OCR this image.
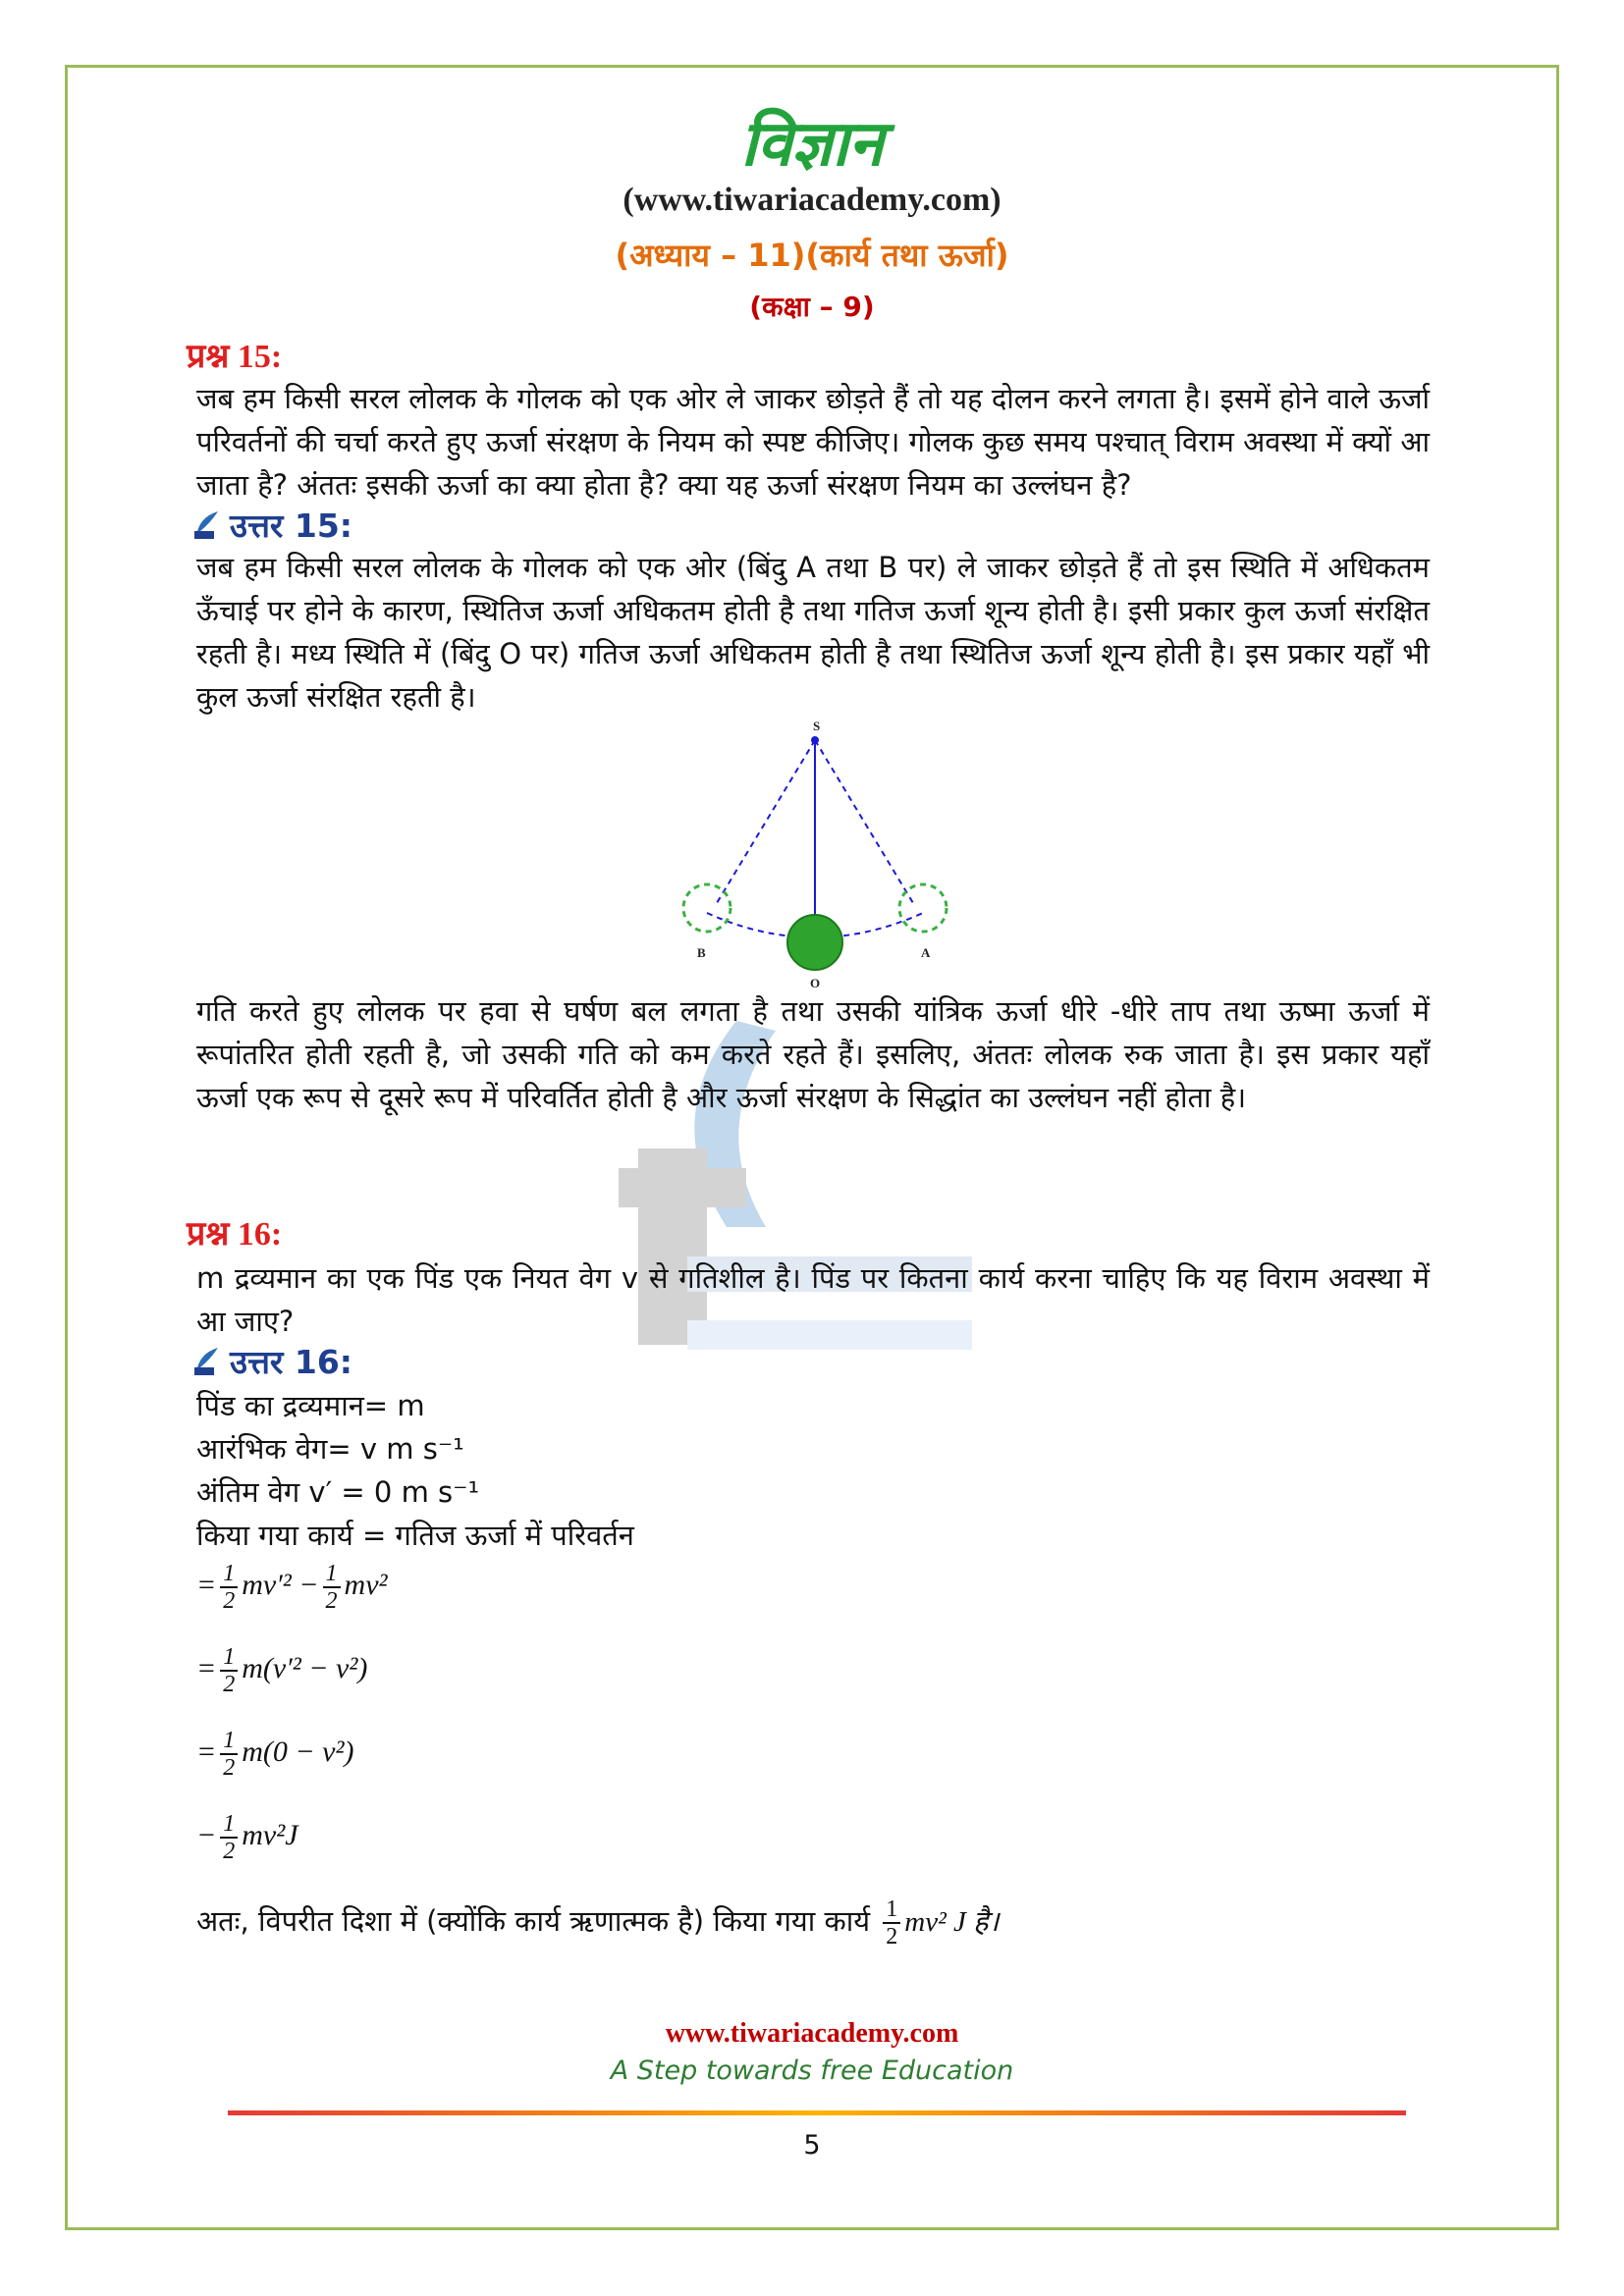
विज्ञान
(www.tiwariacademy.com)
(अध्याय – 11)(कार्य तथा ऊर्जा)
(कक्षा – 9)
प्रश्न 15:
जब हम किसी सरल लोलक के गोलक को एक ओर ले जाकर छोड़ते हैं तो यह दोलन करने लगता है। इसमें होने वाले ऊर्जा परिवर्तनों की चर्चा करते हुए ऊर्जा संरक्षण के नियम को स्पष्ट कीजिए। गोलक कुछ समय पश्चात् विराम अवस्था में क्यों आ जाता है? अंततः इसकी ऊर्जा का क्या होता है? क्या यह ऊर्जा संरक्षण नियम का उल्लंघन है?
उत्तर 15:
जब हम किसी सरल लोलक के गोलक को एक ओर (बिंदु A तथा B पर) ले जाकर छोड़ते हैं तो इस स्थिति में अधिकतम ऊँचाई पर होने के कारण, स्थितिज ऊर्जा अधिकतम होती है तथा गतिज ऊर्जा शून्य होती है। इसी प्रकार कुल ऊर्जा संरक्षित रहती है। मध्य स्थिति में (बिंदु O पर) गतिज ऊर्जा अधिकतम होती है तथा स्थितिज ऊर्जा शून्य होती है। इस प्रकार यहाँ भी कुल ऊर्जा संरक्षित रहती है।
S
B	A
O
गति करते हुए लोलक पर हवा से घर्षण बल लगता है तथा उसकी यांत्रिक ऊर्जा धीरे -धीरे ताप तथा ऊष्मा ऊर्जा में रूपांतरित होती रहती है, जो उसकी गति को कम करते रहते हैं। इसलिए, अंततः लोलक रुक जाता है। इस प्रकार यहाँ ऊर्जा एक रूप से दूसरे रूप में परिवर्तित होती है और ऊर्जा संरक्षण के सिद्धांत का उल्लंघन नहीं होता है।
प्रश्न 16:
m द्रव्यमान का एक पिंड एक नियत वेग v से गतिशील है। पिंड पर कितना कार्य करना चाहिए कि यह विराम अवस्था में आ जाए?
उत्तर 16:
पिंड का द्रव्यमान= m
आरंभिक वेग= v m s⁻¹
अंतिम वेग v′ = 0 m s⁻¹
किया गया कार्य = गतिज ऊर्जा में परिवर्तन
= $\frac{1}{2} mv'^2 - \frac{1}{2} mv^2$
= $\frac{1}{2} m(v'^2 - v^2)$
= $\frac{1}{2} m(0 - v^2)$
− $\frac{1}{2} mv^2J$
अतः, विपरीत दिशा में (क्योंकि कार्य ऋणात्मक है) किया गया कार्य $\frac{1}{2} mv^2$ J है।
www.tiwariacademy.com
A Step towards free Education
5
